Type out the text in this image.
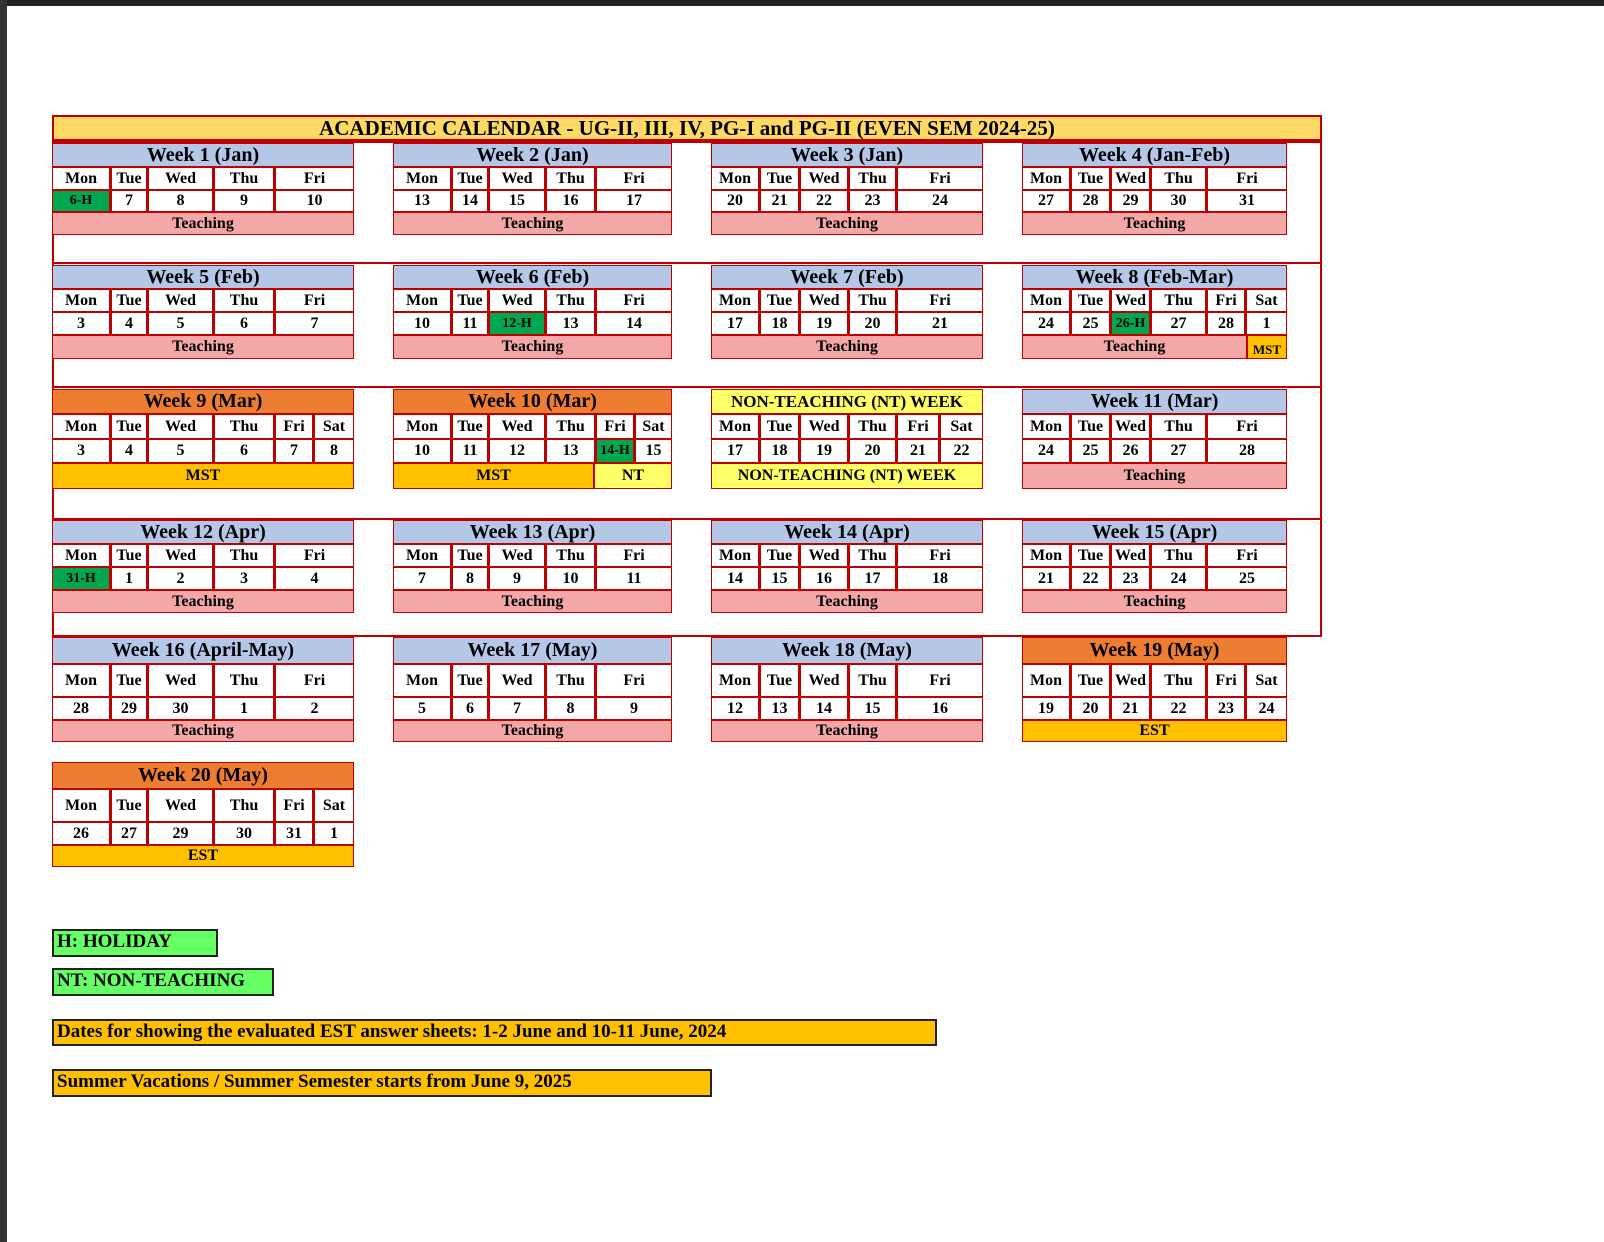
ACADEMIC CALENDAR - UG-II, III, IV, PG-I and PG-II (EVEN SEM 2024-25)
Week 1 (Jan)
Mon	Tue	Wed	Thu	Fri
6-H	7	8	9	10
Teaching
Week 2 (Jan)
Mon	Tue	Wed	Thu	Fri
13	14	15	16	17
Teaching
Week 3 (Jan)
Mon Tue	Wed	Thu	Fri
20	21	22	23	24
Teaching
Week 4 (Jan-Feb)
Mon Tue Wed	Thu	Fri
27	28	29	30	31
Teaching
Week 5 (Feb)
Mon	Tue	Wed	Thu	Fri
3	4	5	6	7
Teaching
Week 6 (Feb)
Mon	Tue	Wed	Thu	Fri
10	11	12-H	13	14
Teaching
Week 7 (Feb)
Mon Tue	Wed	Thu	Fri
17	18	19	20	21
Teaching
Week 8 (Feb-Mar)
Mon Tue Wed	Thu	Fri	Sat
24	25	26-H	27	28	1
Teaching	MST
Week 9 (Mar)
Mon	Tue	Wed	Thu	Fri	Sat
3	4	5	6	7	8
MST
Week 10 (Mar)
Mon	Tue	Wed	Thu	Fri	Sat
10	11	12	13	14-H 15
MST	NT
NON-TEACHING (NT) WEEK
Mon Tue	Wed	Thu	Fri	Sat
17	18	19	20	21	22
NON-TEACHING (NT) WEEK
Week 11 (Mar)
Mon Tue Wed	Thu	Fri
24	25	26	27	28
Teaching
Week 12 (Apr)
Mon	Tue	Wed	Thu	Fri
31-H	1	2	3	4
Teaching
Week 13 (Apr)
Mon	Tue	Wed	Thu	Fri
7	8	9	10	11
Teaching
Week 14 (Apr)
Mon Tue	Wed	Thu	Fri
14	15	16	17	18
Teaching
Week 15 (Apr)
Mon Tue Wed	Thu	Fri
21	22	23	24	25
Teaching
Week 16 (April-May)
Mon	Tue	Wed	Thu	Fri
28	29	30	1	2
Teaching
Week 17 (May)
Mon	Tue	Wed	Thu	Fri
5	6	7	8	9
Teaching
Week 18 (May)
Mon Tue	Wed	Thu	Fri
12	13	14	15	16
Teaching
Week 19 (May)
Mon Tue Wed	Thu	Fri	Sat
19	20	21	22	23	24
EST
Week 20 (May)
Mon	Tue	Wed	Thu	Fri	Sat
26	27	29	30	31	1
EST
H: HOLIDAY
NT: NON-TEACHING
Dates for showing the evaluated EST answer sheets: 1-2 June and 10-11 June, 2024
Summer Vacations / Summer Semester starts from June 9, 2025
